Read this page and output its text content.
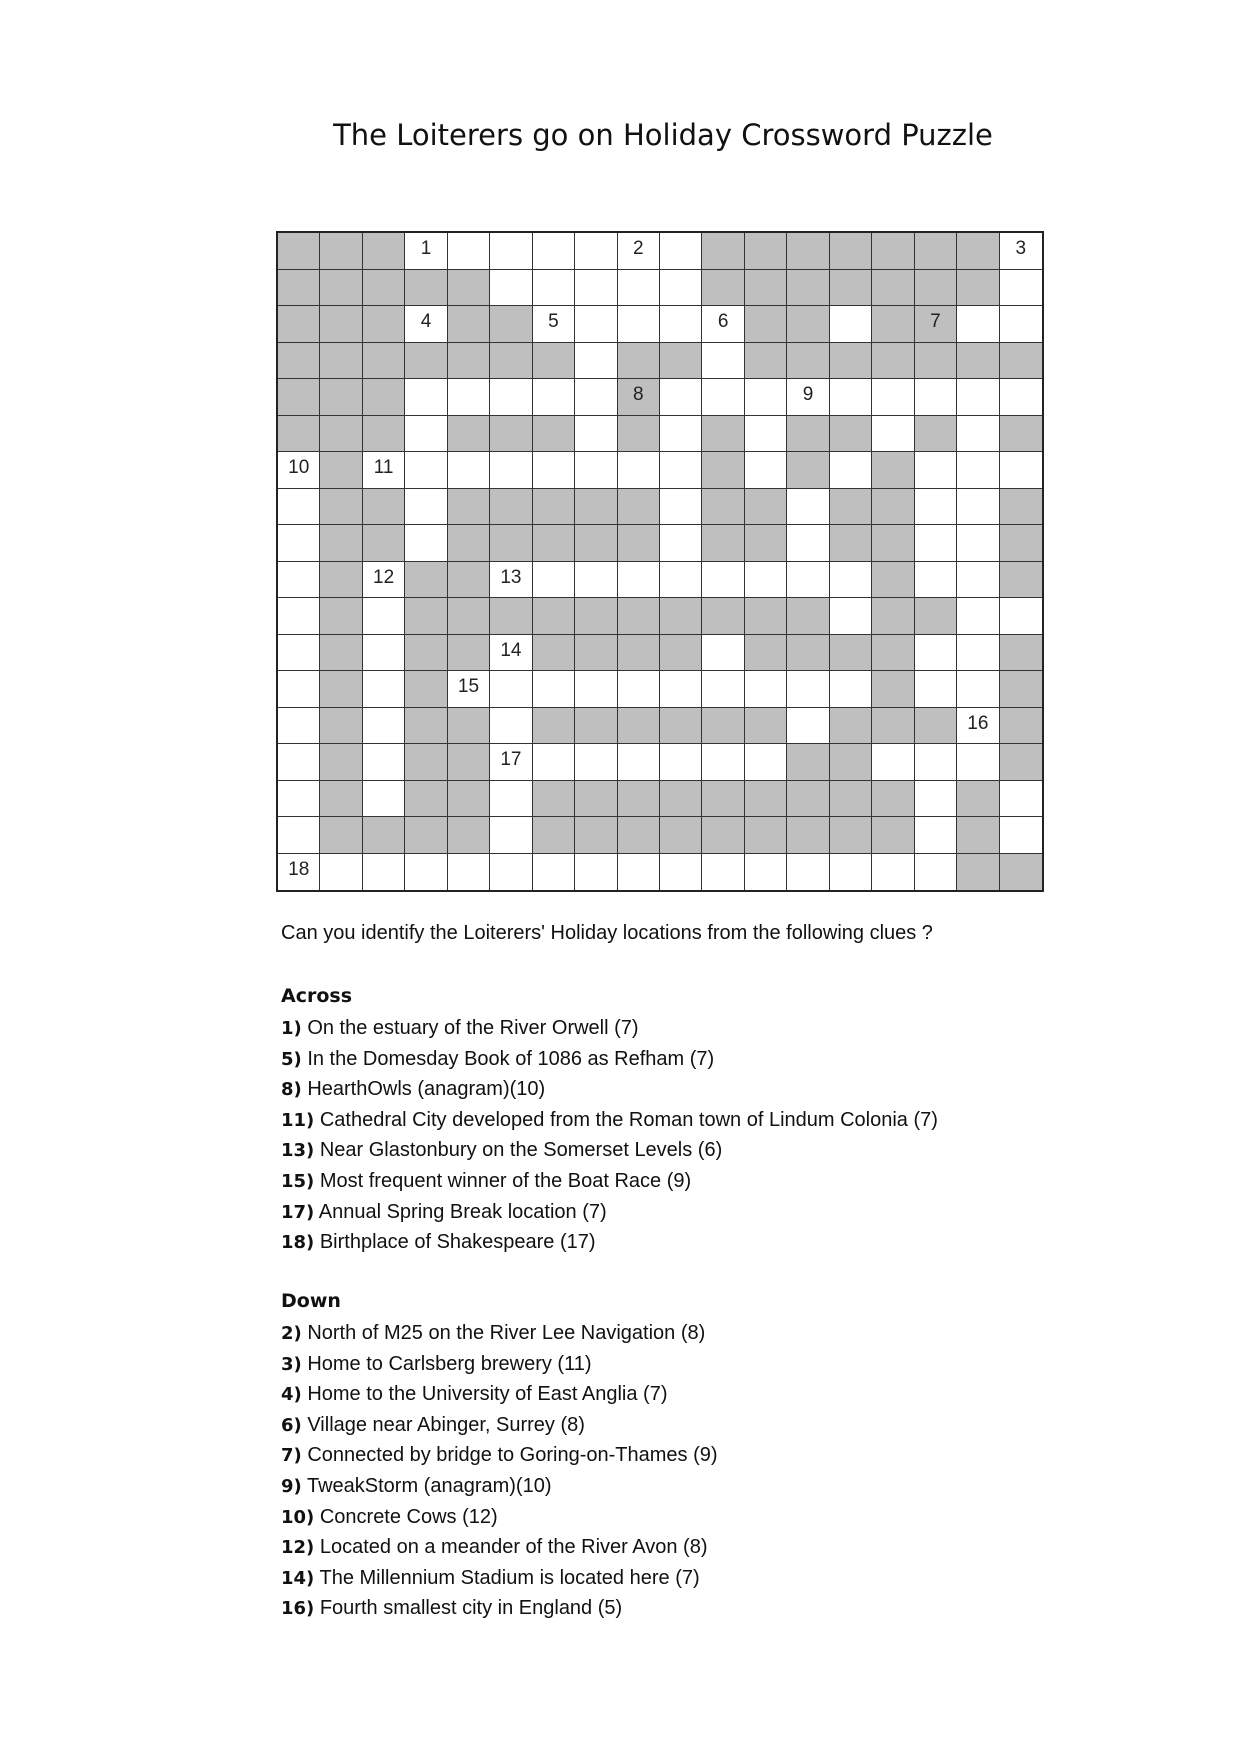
The Loiterers go on Holiday Crossword Puzzle
1	2	3
4	5	6	7
8	9
10	11
12	13
14
15
16
17
18
Can you identify the Loiterers' Holiday locations from the following clues ?
Across
1) On the estuary of the River Orwell (7)
5) In the Domesday Book of 1086 as Refham (7)
8) HearthOwls (anagram)(10)
11) Cathedral City developed from the Roman town of Lindum Colonia (7)
13) Near Glastonbury on the Somerset Levels (6)
15) Most frequent winner of the Boat Race (9)
17) Annual Spring Break location (7)
18) Birthplace of Shakespeare (17)
Down
2) North of M25 on the River Lee Navigation (8)
3) Home to Carlsberg brewery (11)
4) Home to the University of East Anglia (7)
6) Village near Abinger, Surrey (8)
7) Connected by bridge to Goring-on-Thames (9)
9) TweakStorm (anagram)(10)
10) Concrete Cows (12)
12) Located on a meander of the River Avon (8)
14) The Millennium Stadium is located here (7)
16) Fourth smallest city in England (5)
